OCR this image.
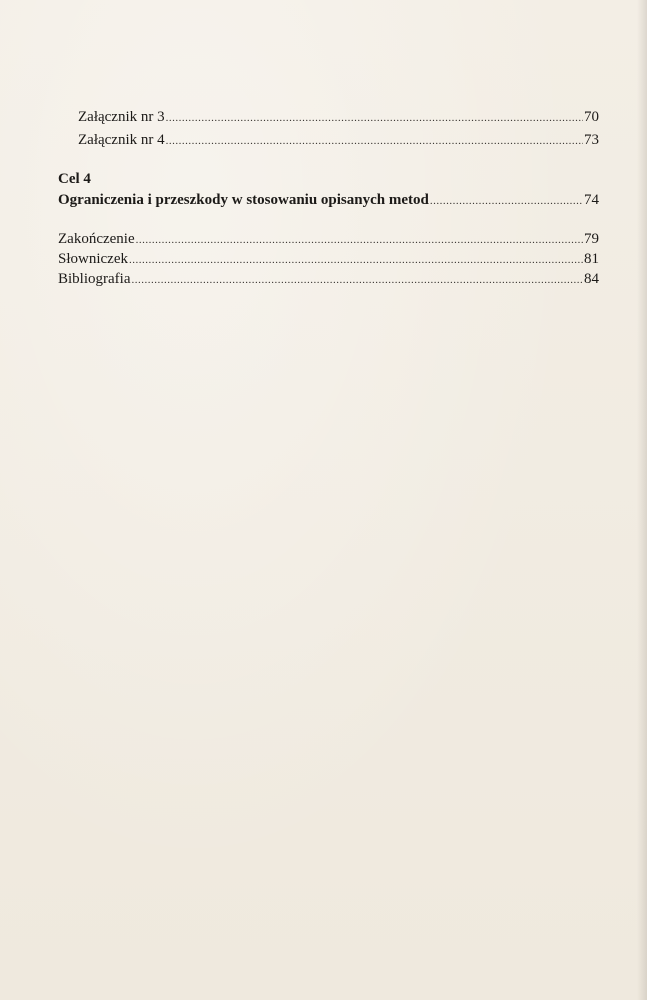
Załącznik nr 3 .....	70
Załącznik nr 4 .....	73
Cel 4
Ograniczenia i przeszkody w stosowaniu opisanych metod .....	74
Zakończenie .....	79
Słowniczek .....	81
Bibliografia .....	84
